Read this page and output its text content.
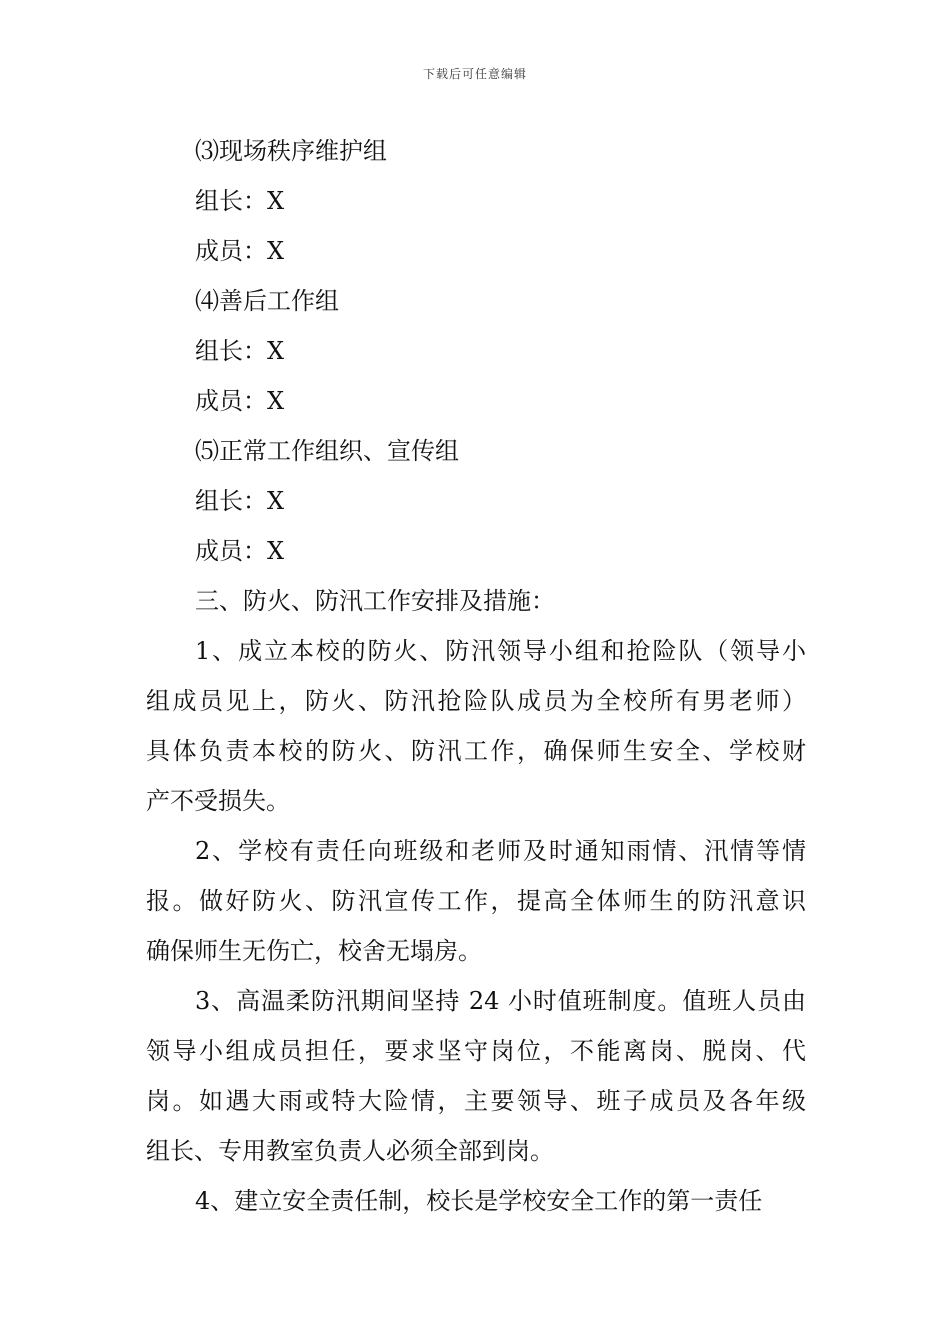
下载后可任意编辑

⑶现场秩序维护组

组长：X

成员：X

⑷善后工作组

组长：X

成员：X

⑸正常工作组织、宣传组

组长：X

成员：X

三、防火、防汛工作安排及措施：

1、成立本校的防火、防汛领导小组和抢险队（领导小
组成员见上，防火、防汛抢险队成员为全校所有男老师）
具体负责本校的防火、防汛工作，确保师生安全、学校财
产不受损失。

2、学校有责任向班级和老师及时通知雨情、汛情等情
报。做好防火、防汛宣传工作，提高全体师生的防汛意识
确保师生无伤亡，校舍无塌房。

3、高温柔防汛期间坚持 24 小时值班制度。值班人员由
领导小组成员担任，要求坚守岗位，不能离岗、脱岗、代
岗。如遇大雨或特大险情，主要领导、班子成员及各年级
组长、专用教室负责人必须全部到岗。

4、建立安全责任制，校长是学校安全工作的第一责任
